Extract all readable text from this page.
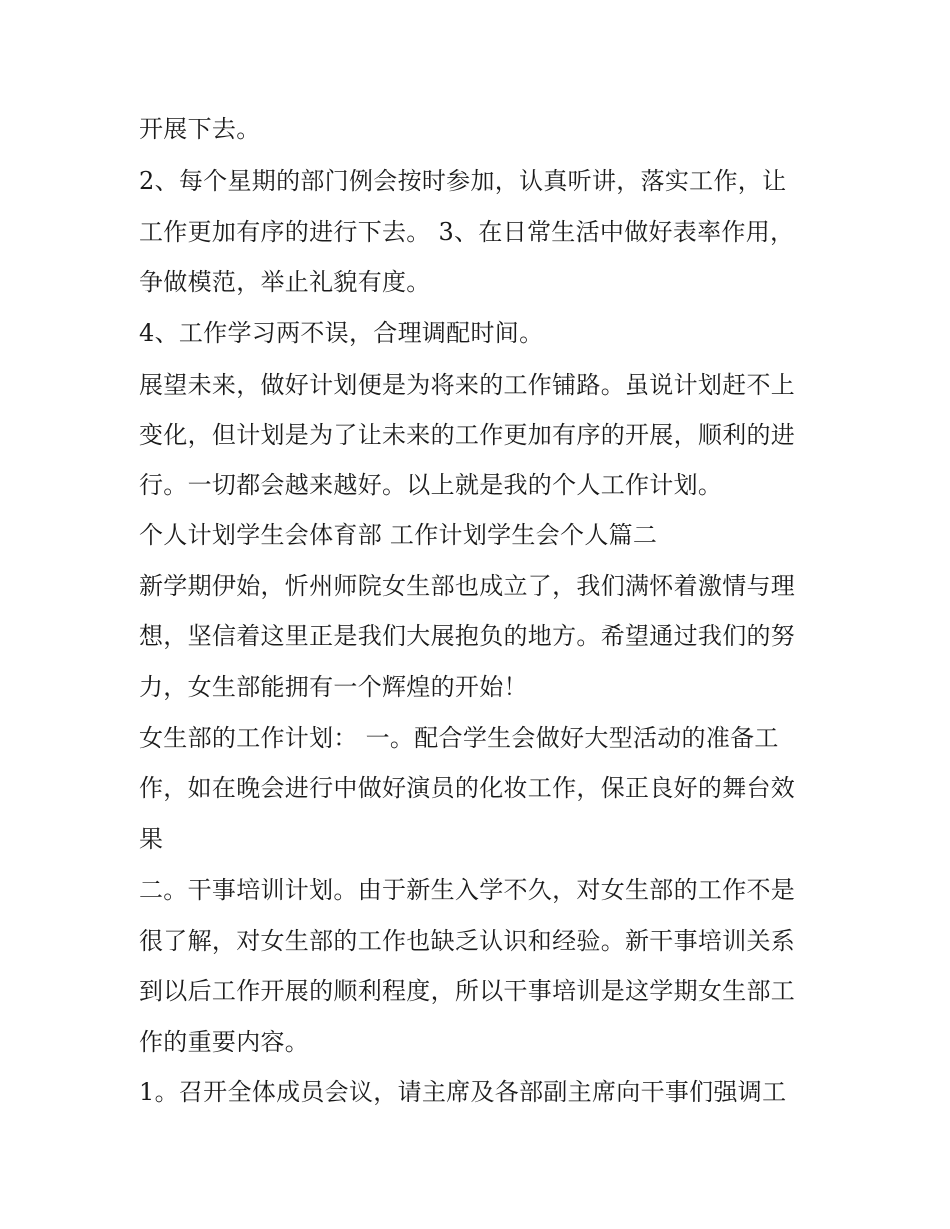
开展下去。
2、每个星期的部门例会按时参加，认真听讲，落实工作，让
工作更加有序的进行下去。 3、在日常生活中做好表率作用，
争做模范，举止礼貌有度。
4、工作学习两不误，合理调配时间。
展望未来，做好计划便是为将来的工作铺路。虽说计划赶不上
变化，但计划是为了让未来的工作更加有序的开展，顺利的进
行。一切都会越来越好。以上就是我的个人工作计划。
个人计划学生会体育部 工作计划学生会个人篇二
新学期伊始，忻州师院女生部也成立了，我们满怀着激情与理
想，坚信着这里正是我们大展抱负的地方。希望通过我们的努
力，女生部能拥有一个辉煌的开始！
女生部的工作计划： 一。配合学生会做好大型活动的准备工
作，如在晚会进行中做好演员的化妆工作，保正良好的舞台效
果
二。干事培训计划。由于新生入学不久，对女生部的工作不是
很了解，对女生部的工作也缺乏认识和经验。新干事培训关系
到以后工作开展的顺利程度，所以干事培训是这学期女生部工
作的重要内容。
1。召开全体成员会议，请主席及各部副主席向干事们强调工
